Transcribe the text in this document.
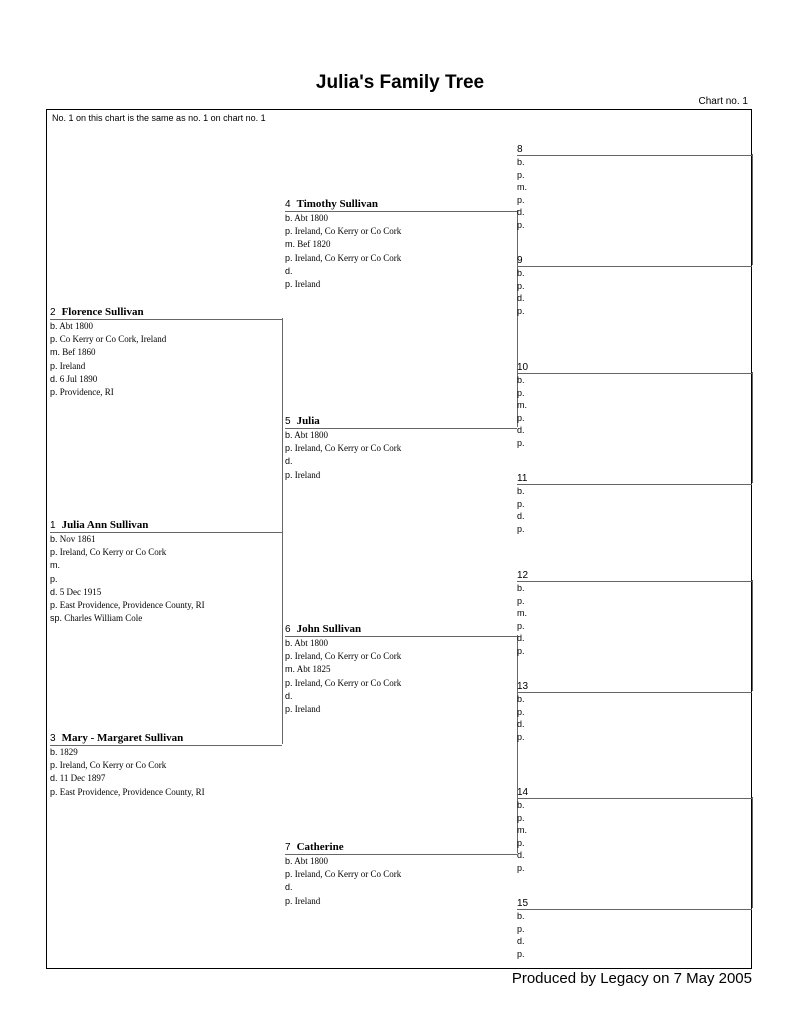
Julia's Family Tree
Chart no. 1
No. 1 on this chart is the same as no. 1 on chart no. 1
1 Julia Ann Sullivan
b. Nov 1861
p. Ireland, Co Kerry or Co Cork
m.
p.
d. 5 Dec 1915
p. East Providence, Providence County, RI
sp. Charles William Cole
2 Florence Sullivan
b. Abt 1800
p. Co Kerry or Co Cork, Ireland
m. Bef 1860
p. Ireland
d. 6 Jul 1890
p. Providence, RI
3 Mary - Margaret Sullivan
b. 1829
p. Ireland, Co Kerry or Co Cork
d. 11 Dec 1897
p. East Providence, Providence County, RI
4 Timothy Sullivan
b. Abt 1800
p. Ireland, Co Kerry or Co Cork
m. Bef 1820
p. Ireland, Co Kerry or Co Cork
d.
p. Ireland
5 Julia
b. Abt 1800
p. Ireland, Co Kerry or Co Cork
d.
p. Ireland
6 John Sullivan
b. Abt 1800
p. Ireland, Co Kerry or Co Cork
m. Abt 1825
p. Ireland, Co Kerry or Co Cork
d.
p. Ireland
7 Catherine
b. Abt 1800
p. Ireland, Co Kerry or Co Cork
d.
p. Ireland
8
b.
p.
m.
p.
d.
p.
9
b.
p.
d.
p.
10
b.
p.
m.
p.
d.
p.
11
b.
p.
d.
p.
12
b.
p.
m.
p.
d.
p.
13
b.
p.
d.
p.
14
b.
p.
m.
p.
d.
p.
15
b.
p.
d.
p.
Produced by Legacy on 7 May 2005
